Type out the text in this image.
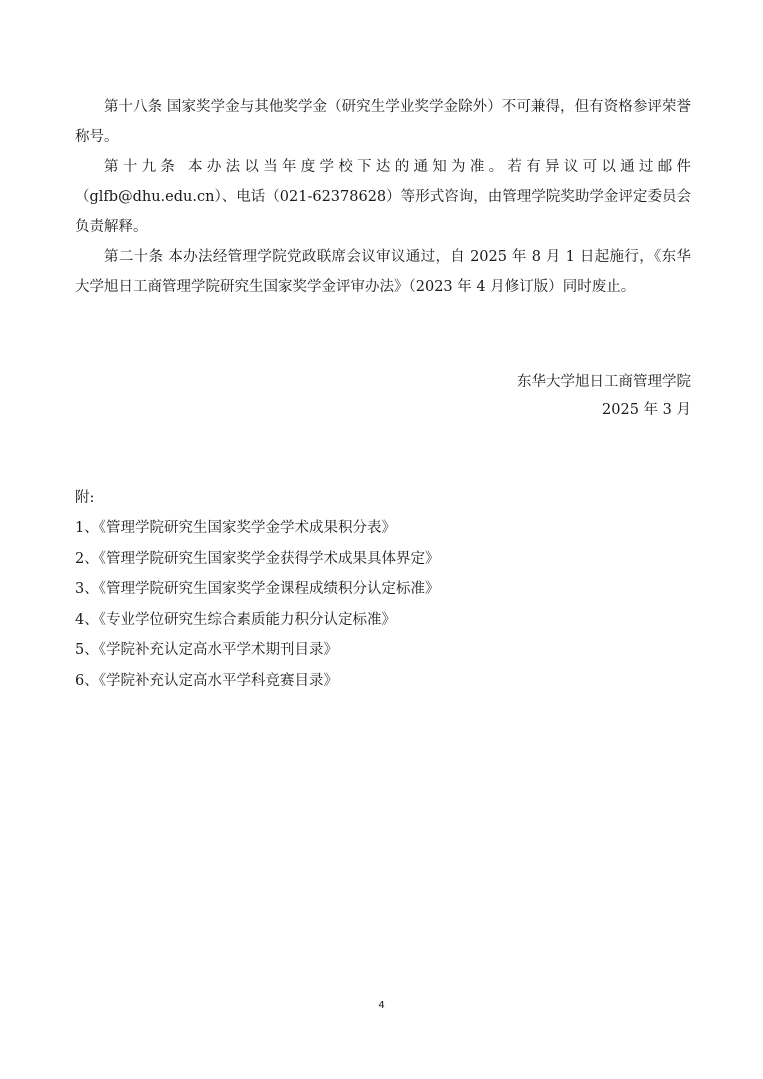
第十八条 国家奖学金与其他奖学金（研究生学业奖学金除外）不可兼得，但有资格参评荣誉称号。

第十九条 本办法以当年度学校下达的通知为准。若有异议可以通过邮件（glfb@dhu.edu.cn）、电话（021-62378628）等形式咨询，由管理学院奖助学金评定委员会负责解释。

第二十条 本办法经管理学院党政联席会议审议通过，自 2025 年 8 月 1 日起施行，《东华大学旭日工商管理学院研究生国家奖学金评审办法》（2023 年 4 月修订版）同时废止。

东华大学旭日工商管理学院

2025 年 3 月

附:

1、《管理学院研究生国家奖学金学术成果积分表》
2、《管理学院研究生国家奖学金获得学术成果具体界定》
3、《管理学院研究生国家奖学金课程成绩积分认定标准》
4、《专业学位研究生综合素质能力积分认定标准》
5、《学院补充认定高水平学术期刊目录》
6、《学院补充认定高水平学科竞赛目录》
4
